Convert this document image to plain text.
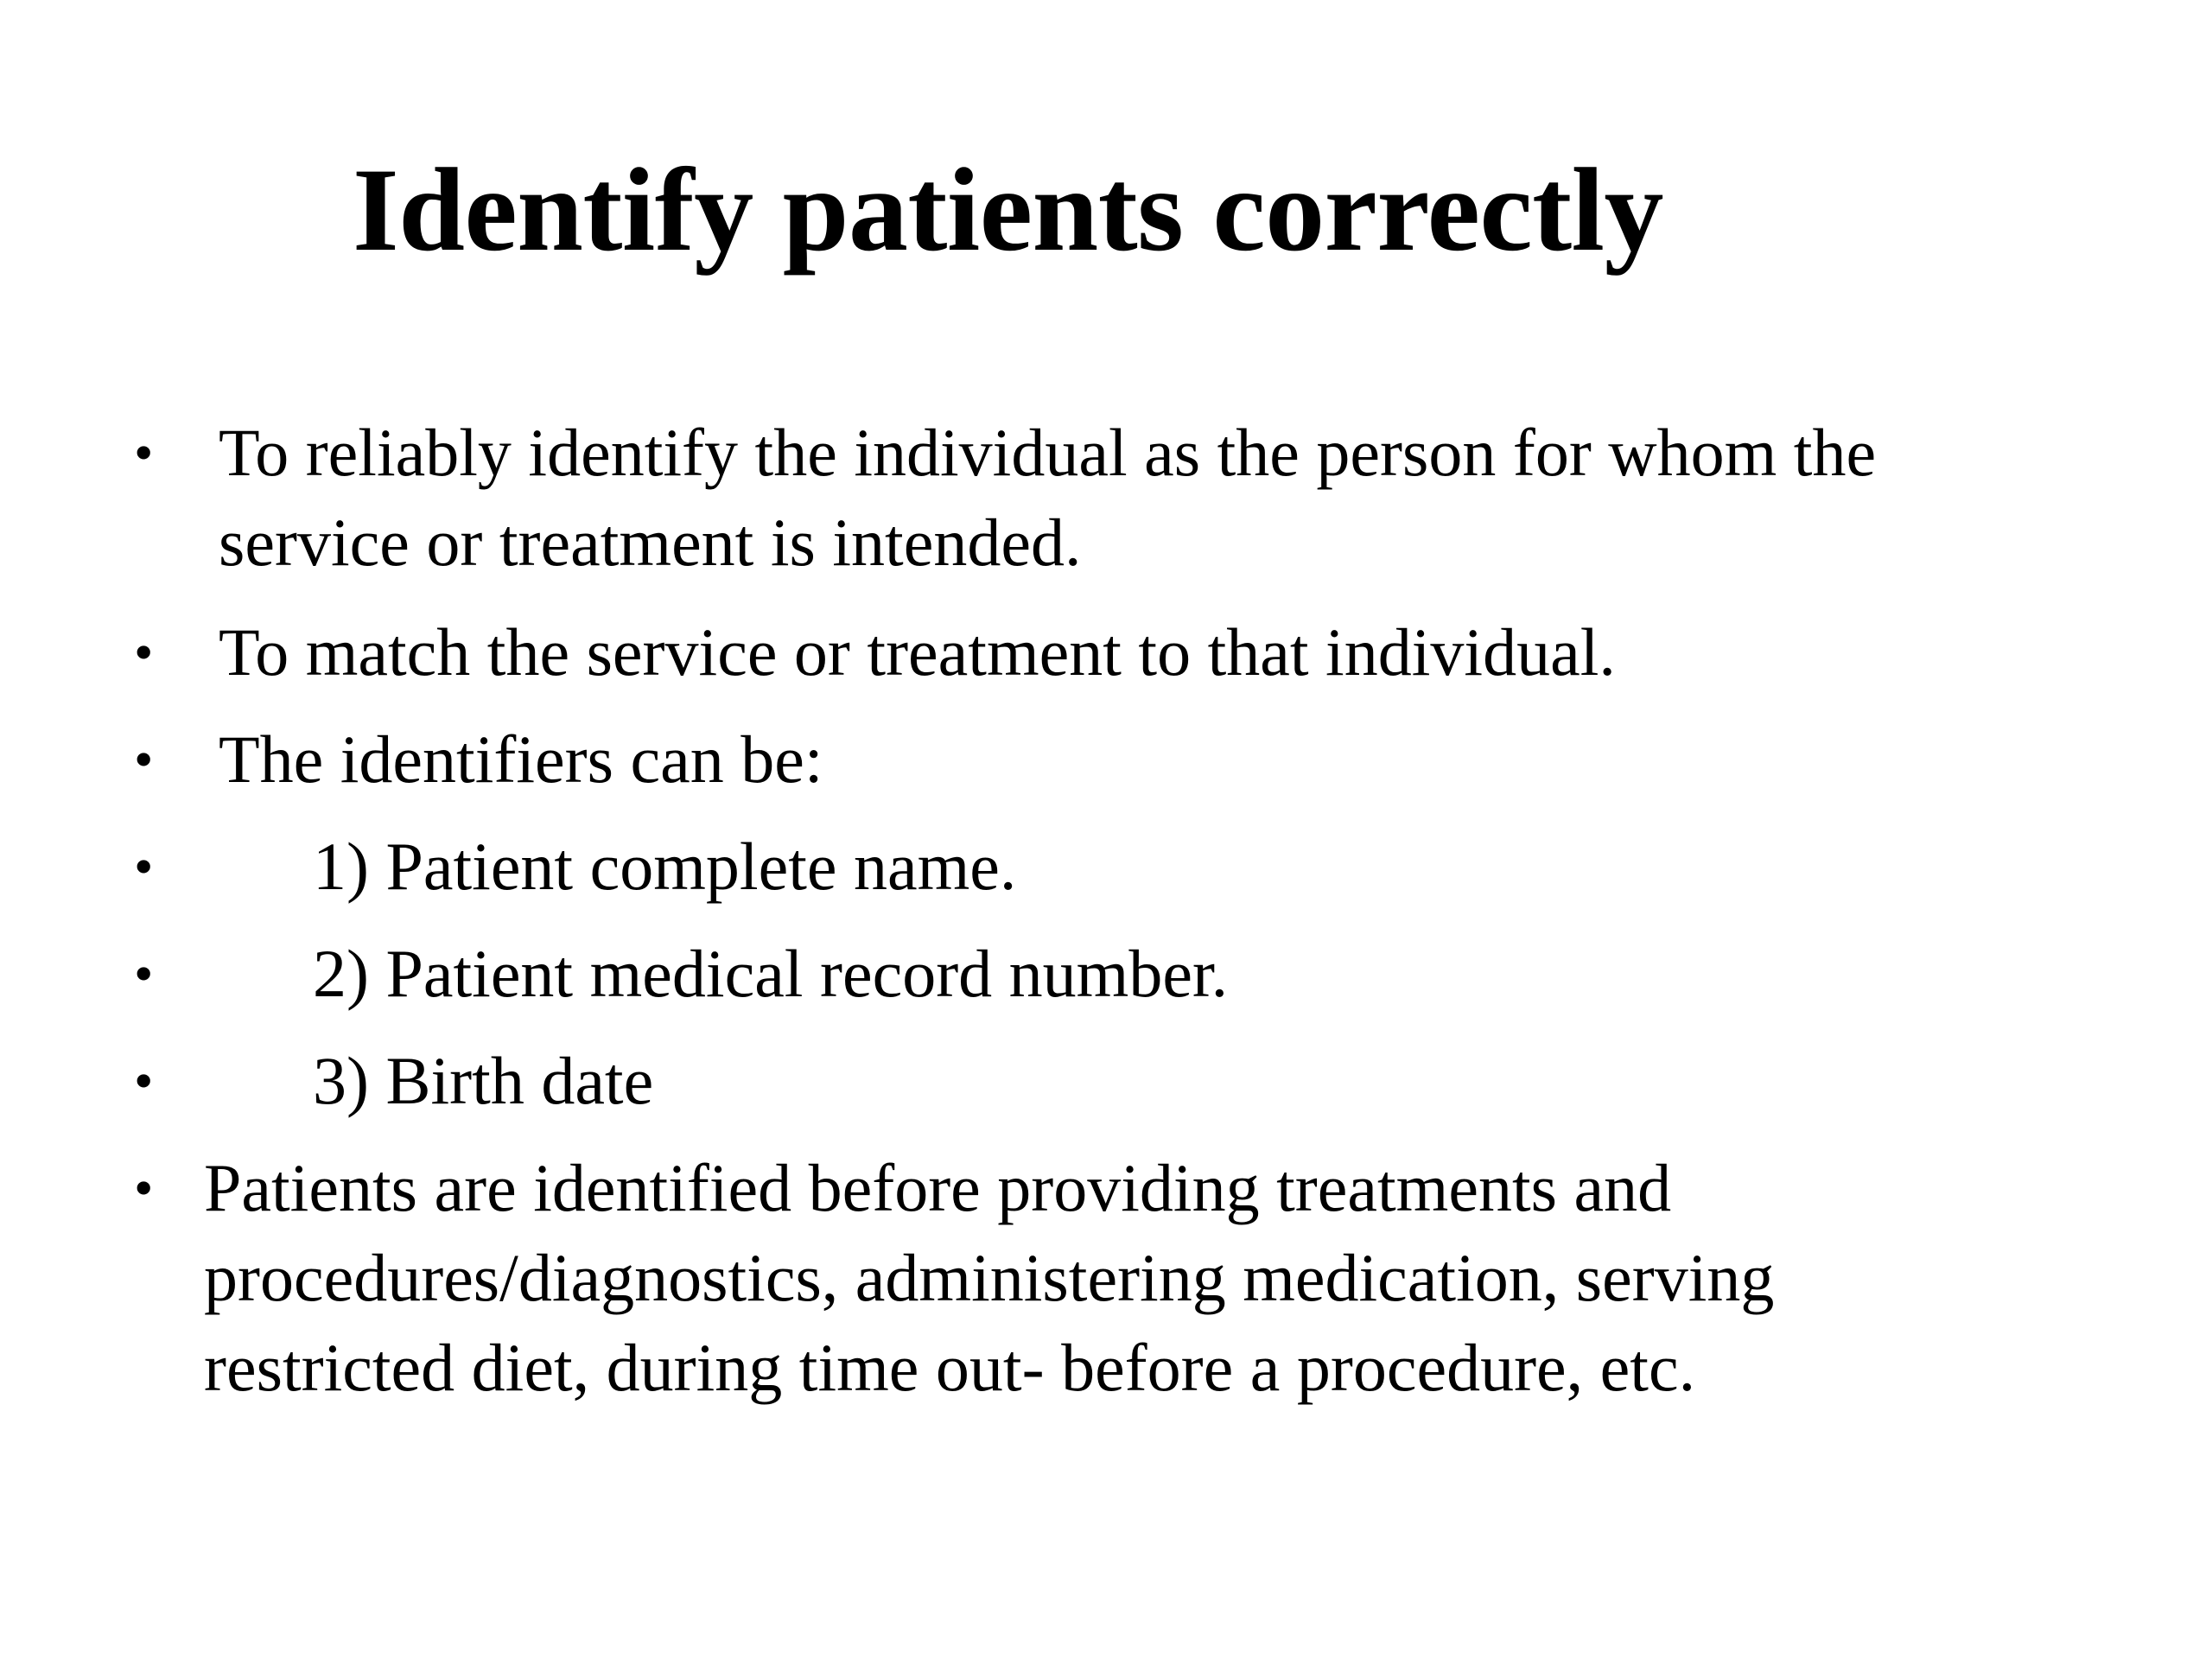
Identify patients correctly
• To reliably identify the individual as the person for whom the
service or treatment is intended.
• To match the service or treatment to that individual.
• The identifiers can be:
• 1) Patient complete name.
• 2) Patient medical record number.
• 3) Birth date
• Patients are identified before providing treatments and
procedures/diagnostics, administering medication, serving
restricted diet, during time out- before a procedure, etc.
